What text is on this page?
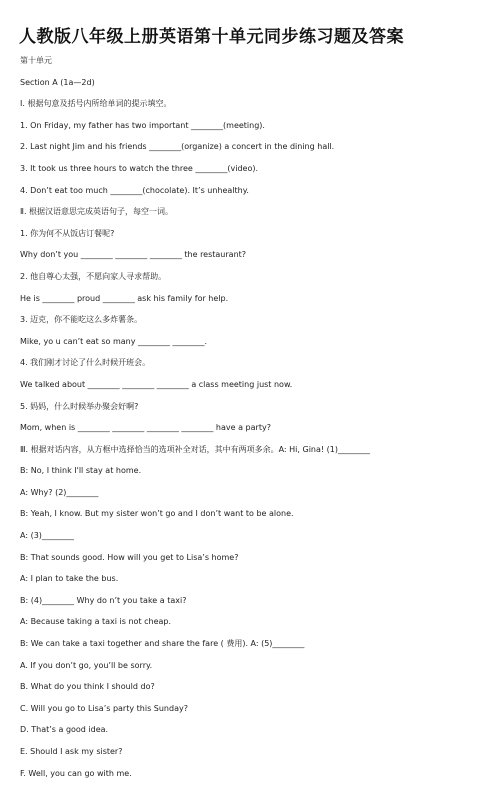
人教版八年级上册英语第十单元同步练习题及答案
第十单元
Section A (1a—2d)
Ⅰ. 根据句意及括号内所给单词的提示填空。
1. On Friday, my father has two important ________(meeting).
2. Last night Jim and his friends ________(organize) a concert in the dining hall.
3. It took us three hours to watch the three ________(video).
4. Don’t eat too much ________(chocolate). It’s unhealthy.
Ⅱ. 根据汉语意思完成英语句子，每空一词。
1. 你为何不从饭店订餐呢?
Why don’t you ________ ________ ________ the restaurant?
2. 他自尊心太强，不愿向家人寻求帮助。
He is ________ proud ________ ask his family for help.
3. 迈克，你不能吃这么多炸薯条。
Mike, yo u can’t eat so many ________ ________.
4. 我们刚才讨论了什么时候开班会。
We talked about ________ ________ ________ a class meeting just now.
5. 妈妈，什么时候举办聚会好啊?
Mom, when is ________ ________ ________ ________ have a party?
Ⅲ. 根据对话内容，从方框中选择恰当的选项补全对话，其中有两项多余。A: Hi, Gina! (1)________
B: No, I think I'll stay at home.
A: Why? (2)________
B: Yeah, I know. But my sister won’t go and I don’t want to be alone.
A: (3)________
B: That sounds good. How will you get to Lisa’s home?
A: I plan to take the bus.
B: (4)________ Why do n’t you take a taxi?
A: Because taking a taxi is not cheap.
B: We can take a taxi together and share the fare ( 费用). A: (5)________
A. If you don’t go, you’ll be sorry.
B. What do you think I should do?
C. Will you go to Lisa’s party this Sunday?
D. That’s a good idea.
E. Should I ask my sister?
F. Well, you can go with me.
